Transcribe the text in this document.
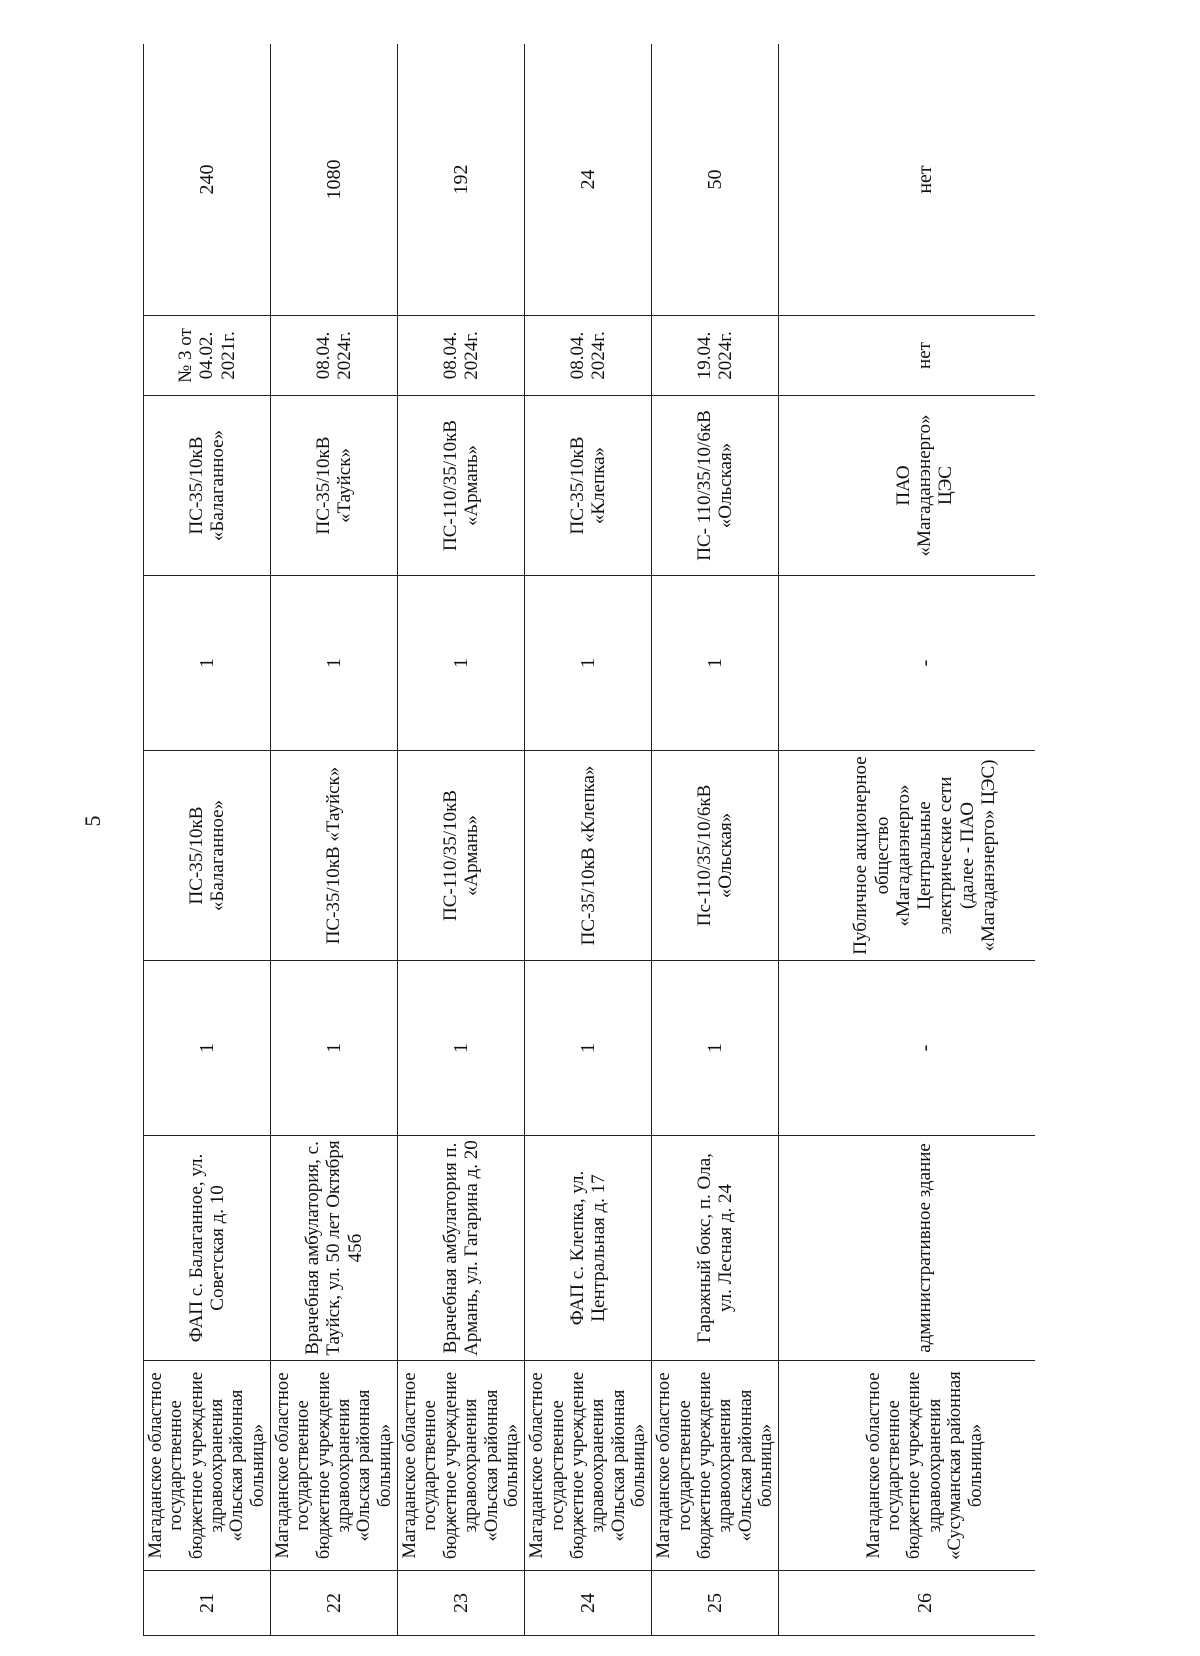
5
21	Магаданское областное государственное бюджетное учреждение здравоохранения «Ольская районная больница»	ФАП с. Балаганное, ул. Советская д. 10	1	ПС-35/10кВ «Балаганное»	1	ПС-35/10кВ «Балаганное»	№ 3 от 04.02. 2021г.	240
22	Магаданское областное государственное бюджетное учреждение здравоохранения «Ольская районная больница»	Врачебная амбулатория, с. Тауйск, ул. 50 лет Октября 45б	1	ПС-35/10кВ «Тауйск»	1	ПС-35/10кВ «Тауйск»	08.04. 2024г.	1080
23	Магаданское областное государственное бюджетное учреждение здравоохранения «Ольская районная больница»	Врачебная амбулатория п. Армань, ул. Гагарина д. 20	1	ПС-110/35/10кВ «Армань»	1	ПС-110/35/10кВ «Армань»	08.04. 2024г.	192
24	Магаданское областное государственное бюджетное учреждение здравоохранения «Ольская районная больница»	ФАП с. Клепка, ул. Центральная д. 17	1	ПС-35/10кВ «Клепка»	1	ПС-35/10кВ «Клепка»	08.04. 2024г.	24
25	Магаданское областное государственное бюджетное учреждение здравоохранения «Ольская районная больница»	Гаражный бокс, п. Ола, ул. Лесная д. 24	1	Пс-110/35/10/6кВ «Ольская»	1	ПС- 110/35/10/6кВ «Ольская»	19.04. 2024г.	50
26	Магаданское областное государственное бюджетное учреждение здравоохранения «Сусуманская районная больница»	административное здание	-	Публичное акционерное общество «Магаданэнерго» Центральные электрические сети (далее - ПАО «Магаданэнерго» ЦЭС)	-	ПАО «Магаданэнерго» ЦЭС	нет	нет
